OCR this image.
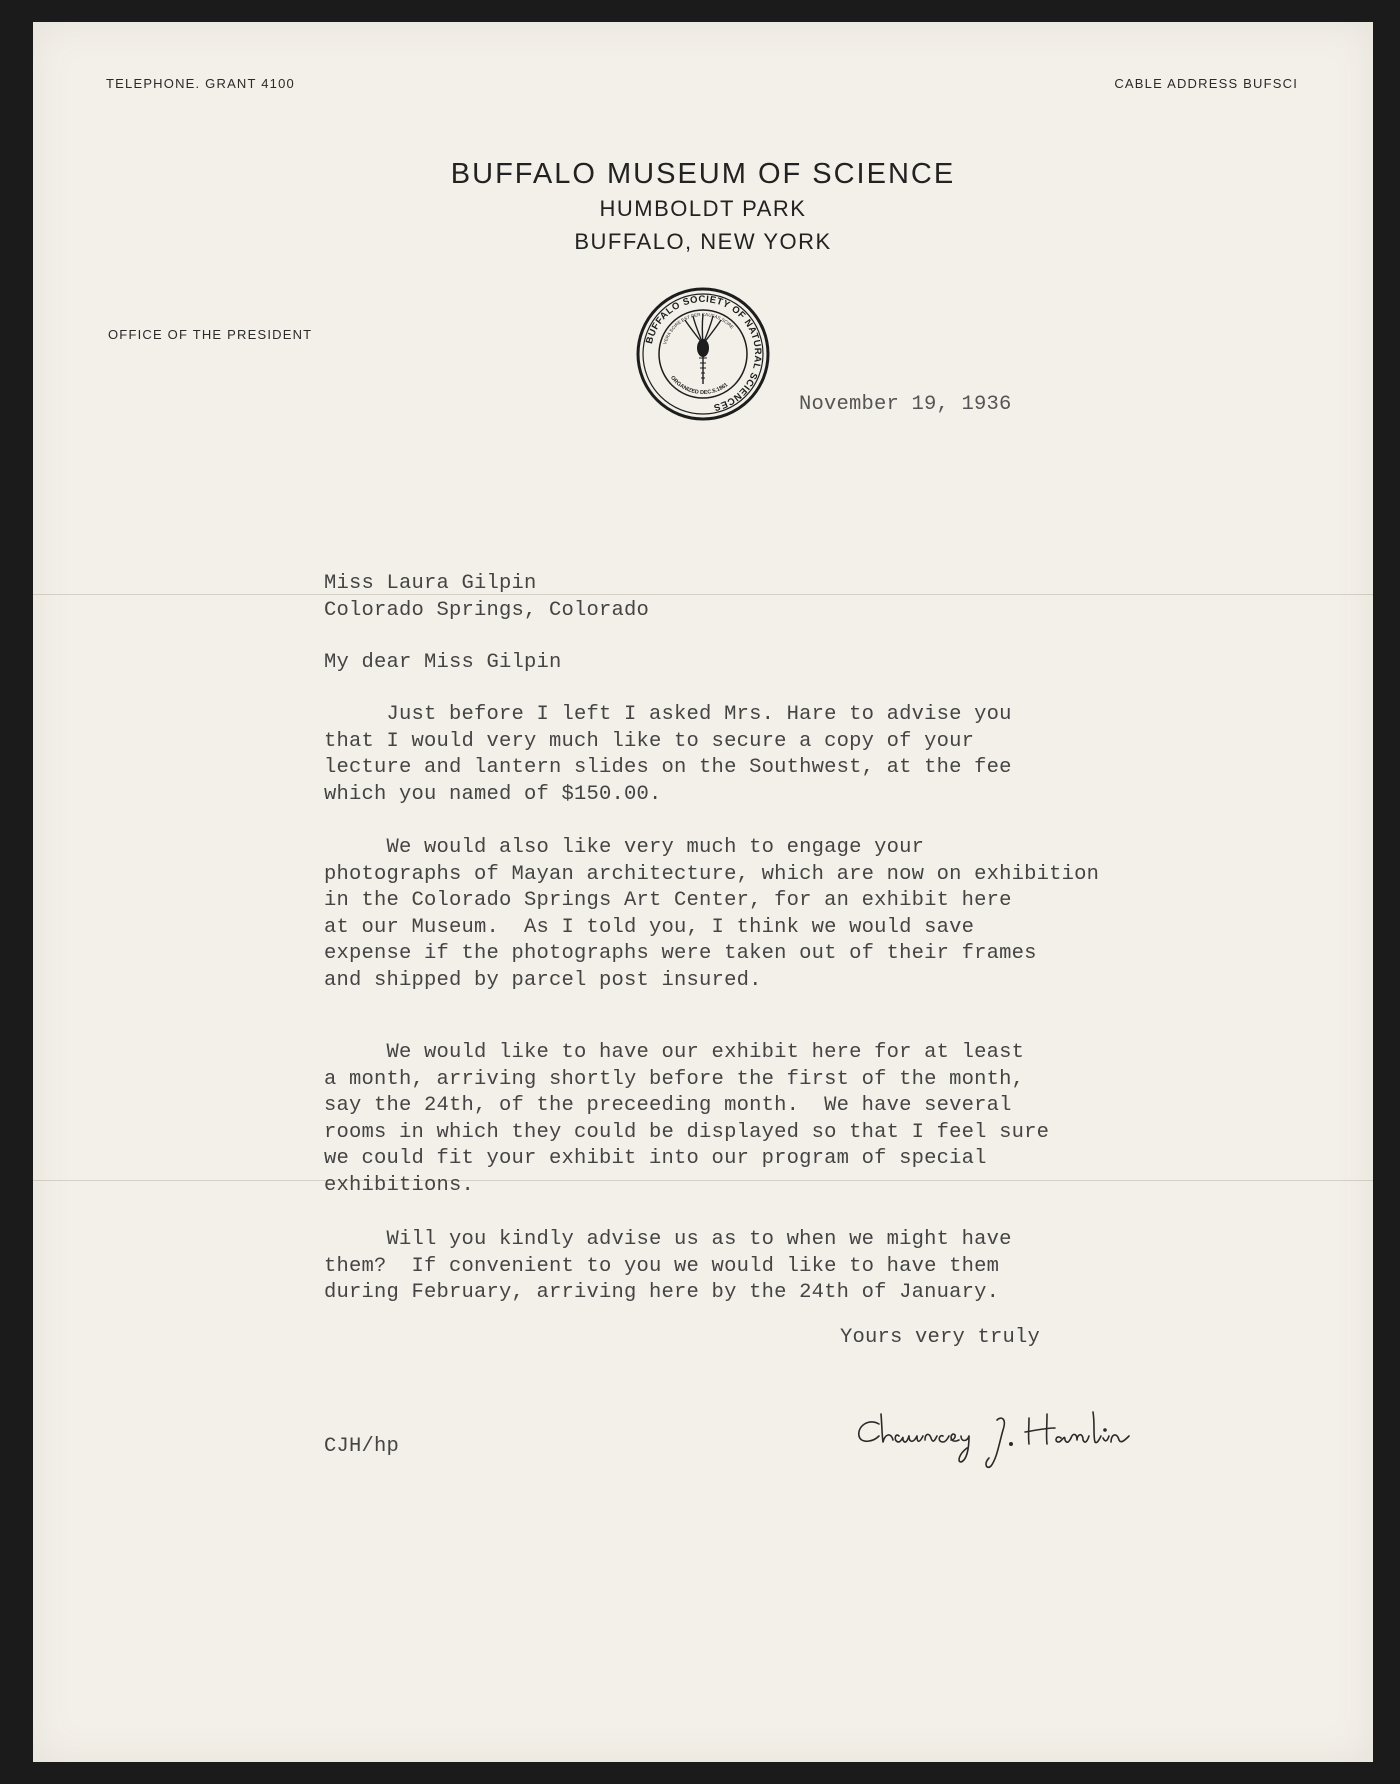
TELEPHONE. GRANT 4100	CABLE ADDRESS BUFSCI
BUFFALO MUSEUM OF SCIENCE
HUMBOLDT PARK
BUFFALO, NEW YORK
OFFICE OF THE PRESIDENT	BUFFALO SOCIETY OF NATURAL SCIENCES
VERA SCIRE EST PER CAUSAS SCIRE
ORGANIZED DEC.5.1861
November 19, 1936
Miss Laura Gilpin
Colorado Springs, Colorado
My dear Miss Gilpin
Just before I left I asked Mrs. Hare to advise you
that I would very much like to secure a copy of your
lecture and lantern slides on the Southwest, at the fee
which you named of $150.00.
We would also like very much to engage your
photographs of Mayan architecture, which are now on exhibition
in the Colorado Springs Art Center, for an exhibit here
at our Museum.  As I told you, I think we would save
expense if the photographs were taken out of their frames
and shipped by parcel post insured.
We would like to have our exhibit here for at least
a month, arriving shortly before the first of the month,
say the 24th, of the preceeding month.  We have several
rooms in which they could be displayed so that I feel sure
we could fit your exhibit into our program of special
exhibitions.
Will you kindly advise us as to when we might have
them?  If convenient to you we would like to have them
during February, arriving here by the 24th of January.
Yours very truly
CJH/hp
